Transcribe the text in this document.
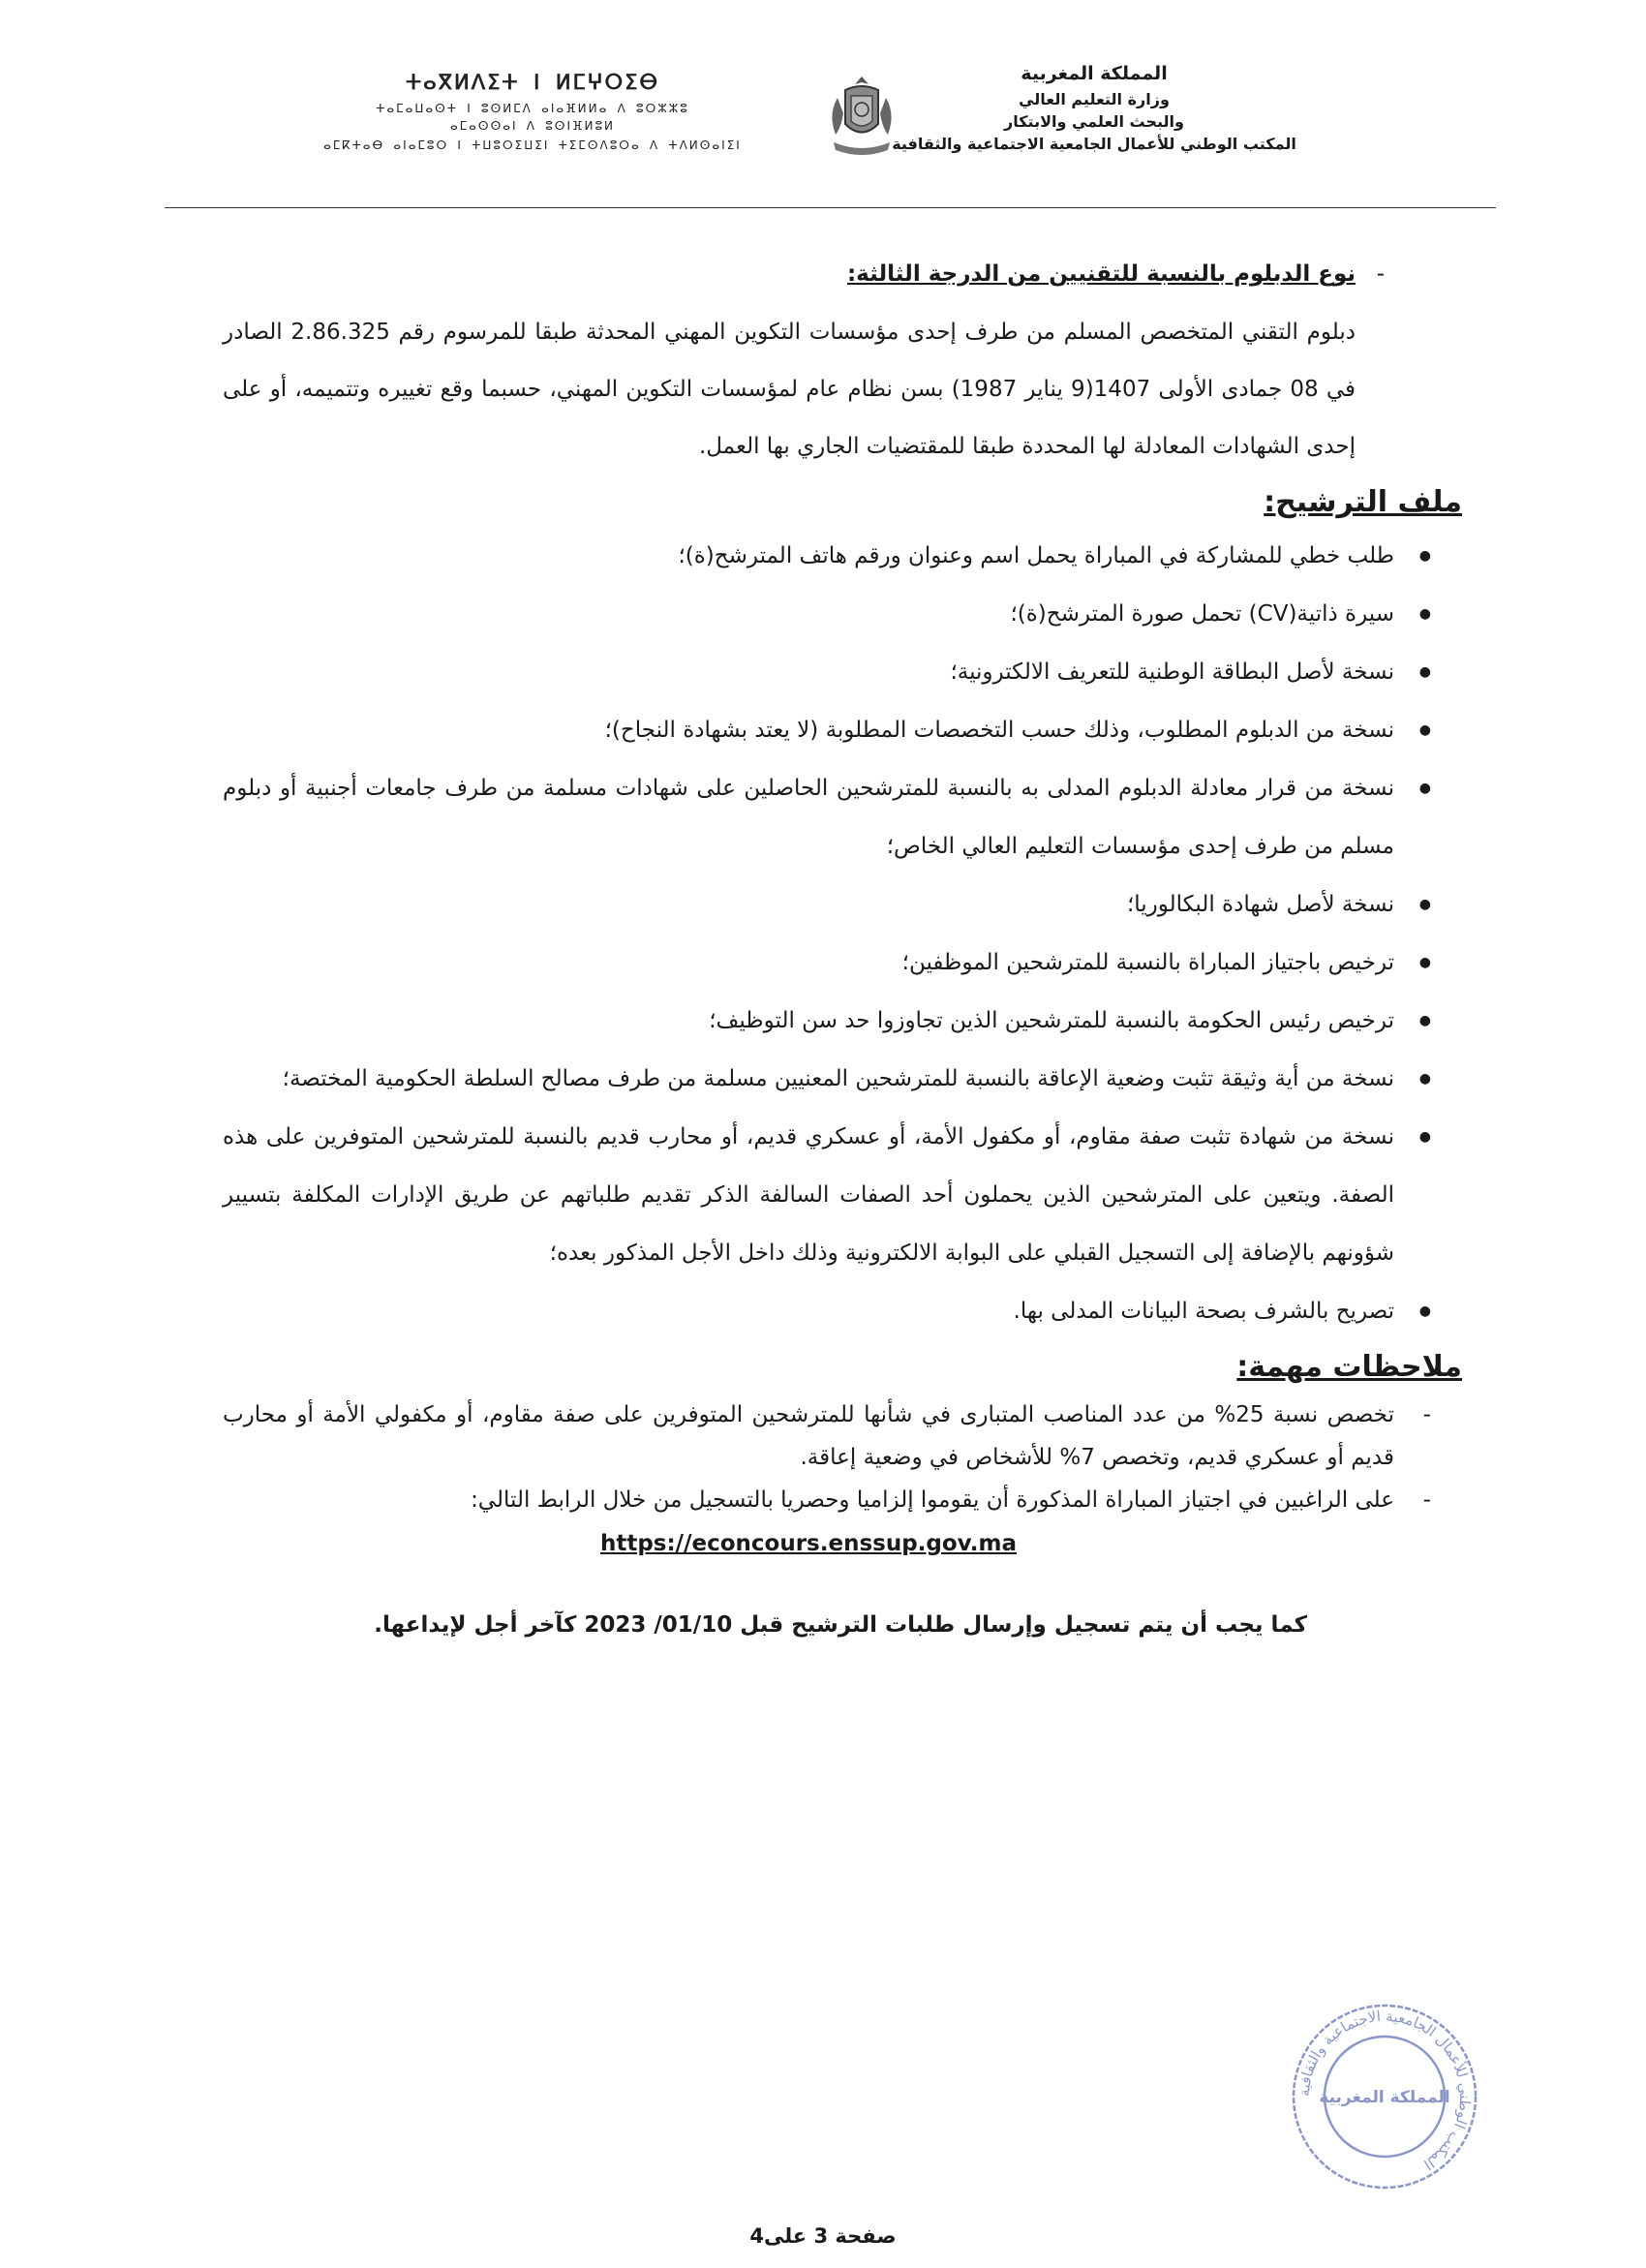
المملكة المغربية
وزارة التعليم العالي
والبحث العلمي والابتكار
المكتب الوطني للأعمال الجامعية الاجتماعية والثقافية
ⵜⴰⴳⵍⴷⵉⵜ ⵏ ⵍⵎⵖⵔⵉⴱ
ⵜⴰⵎⴰⵡⴰⵙⵜ ⵏ ⵓⵙⵍⵎⴷ ⴰⵏⴰⴼⵍⵍⴰ ⴷ ⵓⵔⵣⵣⵓ
ⴰⵎⴰⵙⵙⴰⵏ ⴷ ⵓⵙⵏⴼⵍⵓⵍ
ⴰⵎⴽⵜⴰⴱ ⴰⵏⴰⵎⵓⵔ ⵏ ⵜⵡⵓⵔⵉⵡⵉⵏ ⵜⵉⵎⵙⴷⵓⵔⴰ ⴷ ⵜⴷⵍⵙⴰⵏⵉⵏ
-
نوع الدبلوم بالنسبة للتقنيين من الدرجة الثالثة:
دبلوم التقني المتخصص المسلم من طرف إحدى مؤسسات التكوين المهني المحدثة طبقا للمرسوم رقم 2.86.325 الصادر في 08 جمادى الأولى 1407(9 يناير 1987) بسن نظام عام لمؤسسات التكوين المهني، حسبما وقع تغييره وتتميمه، أو على إحدى الشهادات المعادلة لها المحددة طبقا للمقتضيات الجاري بها العمل.
ملف الترشيح:
● طلب خطي للمشاركة في المباراة يحمل اسم وعنوان ورقم هاتف المترشح(ة)؛
● سيرة ذاتية(CV) تحمل صورة المترشح(ة)؛
● نسخة لأصل البطاقة الوطنية للتعريف الالكترونية؛
● نسخة من الدبلوم المطلوب، وذلك حسب التخصصات المطلوبة (لا يعتد بشهادة النجاح)؛
● نسخة من قرار معادلة الدبلوم المدلى به بالنسبة للمترشحين الحاصلين على شهادات مسلمة من طرف جامعات أجنبية أو دبلوم مسلم من طرف إحدى مؤسسات التعليم العالي الخاص؛
● نسخة لأصل شهادة البكالوريا؛
● ترخيص باجتياز المباراة بالنسبة للمترشحين الموظفين؛
● ترخيص رئيس الحكومة بالنسبة للمترشحين الذين تجاوزوا حد سن التوظيف؛
● نسخة من أية وثيقة تثبت وضعية الإعاقة بالنسبة للمترشحين المعنيين مسلمة من طرف مصالح السلطة الحكومية المختصة؛
● نسخة من شهادة تثبت صفة مقاوم، أو مكفول الأمة، أو عسكري قديم، أو محارب قديم بالنسبة للمترشحين المتوفرين على هذه الصفة. ويتعين على المترشحين الذين يحملون أحد الصفات السالفة الذكر تقديم طلباتهم عن طريق الإدارات المكلفة بتسيير شؤونهم بالإضافة إلى التسجيل القبلي على البوابة الالكترونية وذلك داخل الأجل المذكور بعده؛
● تصريح بالشرف بصحة البيانات المدلى بها.
ملاحظات مهمة:
- تخصص نسبة 25% من عدد المناصب المتبارى في شأنها للمترشحين المتوفرين على صفة مقاوم، أو مكفولي الأمة أو محارب قديم أو عسكري قديم، وتخصص 7% للأشخاص في وضعية إعاقة.
- على الراغبين في اجتياز المباراة المذكورة أن يقوموا إلزاميا وحصريا بالتسجيل من خلال الرابط التالي:
https://econcours.enssup.gov.ma
كما يجب أن يتم تسجيل وإرسال طلبات الترشيح قبل 01/10/ 2023 كآخر أجل لإيداعها.
المكتب الوطني للأعمال الجامعية الاجتماعية والثقافية
المملكة المغربية
صفحة 3 على4
